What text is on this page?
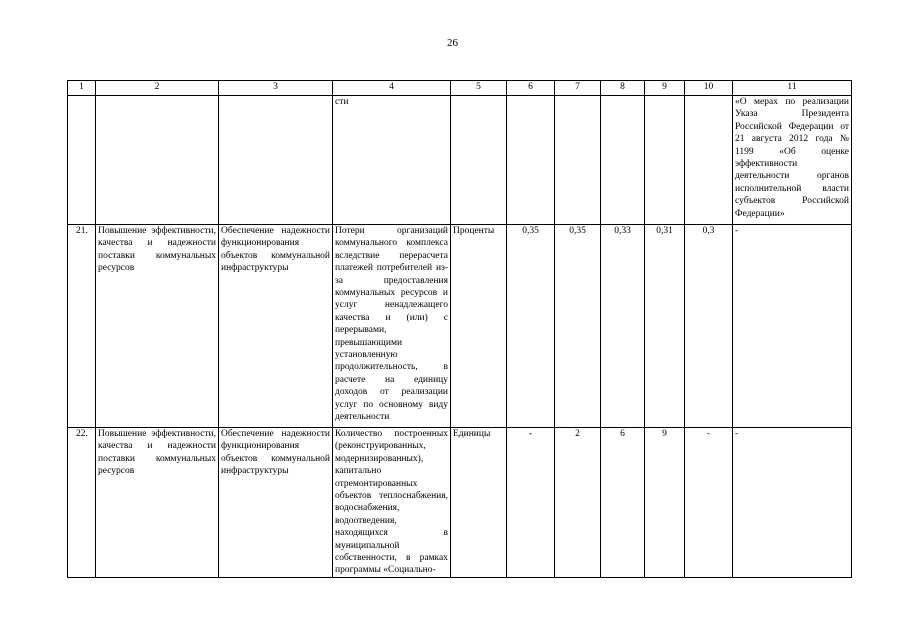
26
1	2	3	4	5	6	7	8	9	10	11
			сти							«О мерах по реализации Указа Президента Российской Федерации от 21 августа 2012 года № 1199 «Об оценке эффективности деятельности органов исполнительной власти субъектов Российской Федерации»
21.	Повышение эффективности, качества и надежности поставки коммунальных ресурсов	Обеспечение надежности функционирования объектов коммунальной инфраструктуры	Потери организаций коммунального комплекса вследствие перерасчета платежей потребителей из-за предоставления коммунальных ресурсов и услуг ненадлежащего качества и (или) с перерывами, превышающими установленную продолжительность, в расчете на единицу доходов от реализации услуг по основному виду деятельности	Проценты	0,35	0,35	0,33	0,31	0,3	-
22.	Повышение эффективности, качества и надежности поставки коммунальных ресурсов	Обеспечение надежности функционирования объектов коммунальной инфраструктуры	Количество построенных (реконструированных, модернизированных), капитально отремонтированных объектов теплоснабжения, водоснабжения, водоотведения, находящихся в муниципальной собственности, в рамках программы «Социально-	Единицы	-	2	6	9	-	-
